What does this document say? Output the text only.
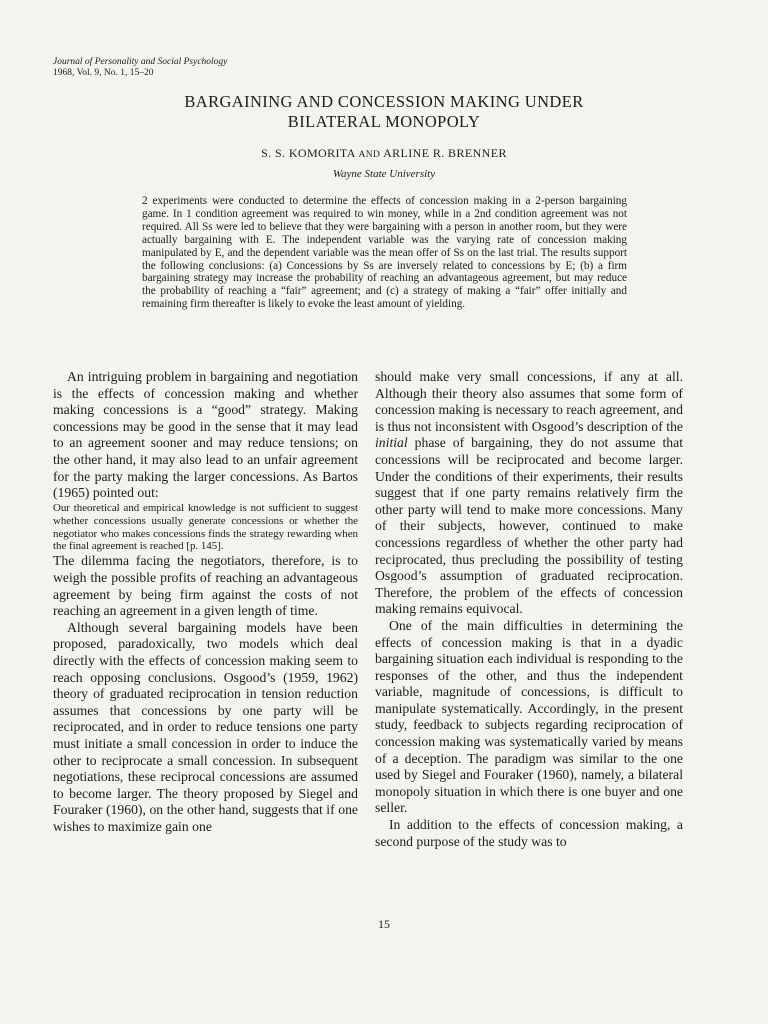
Journal of Personality and Social Psychology
1968, Vol. 9, No. 1, 15–20
BARGAINING AND CONCESSION MAKING UNDER
BILATERAL MONOPOLY
S. S. KOMORITA AND ARLINE R. BRENNER
Wayne State University
2 experiments were conducted to determine the effects of concession making in a 2-person bargaining game. In 1 condition agreement was required to win money, while in a 2nd condition agreement was not required. All Ss were led to believe that they were bargaining with a person in another room, but they were actually bargaining with E. The independent variable was the varying rate of concession making manipulated by E, and the dependent variable was the mean offer of Ss on the last trial. The results support the following conclusions: (a) Concessions by Ss are inversely related to concessions by E; (b) a firm bargaining strategy may increase the probability of reaching an advantageous agreement, but may reduce the probability of reaching a “fair” agreement; and (c) a strategy of making a “fair” offer initially and remaining firm thereafter is likely to evoke the least amount of yielding.

An intriguing problem in bargaining and negotiation is the effects of concession making and whether making concessions is a “good” strategy. Making concessions may be good in the sense that it may lead to an agreement sooner and may reduce tensions; on the other hand, it may also lead to an unfair agreement for the party making the larger concessions. As Bartos (1965) pointed out:

Our theoretical and empirical knowledge is not sufficient to suggest whether concessions usually generate concessions or whether the negotiator who makes concessions finds the strategy rewarding when the final agreement is reached [p. 145].

The dilemma facing the negotiators, therefore, is to weigh the possible profits of reaching an advantageous agreement by being firm against the costs of not reaching an agreement in a given length of time.

Although several bargaining models have been proposed, paradoxically, two models which deal directly with the effects of concession making seem to reach opposing conclusions. Osgood’s (1959, 1962) theory of graduated reciprocation in tension reduction assumes that concessions by one party will be reciprocated, and in order to reduce tensions one party must initiate a small concession in order to induce the other to reciprocate a small concession. In subsequent negotiations, these reciprocal concessions are assumed to become larger. The theory proposed by Siegel and Fouraker (1960), on the other hand, suggests that if one wishes to maximize gain one

should make very small concessions, if any at all. Although their theory also assumes that some form of concession making is necessary to reach agreement, and is thus not inconsistent with Osgood’s description of the initial phase of bargaining, they do not assume that concessions will be reciprocated and become larger. Under the conditions of their experiments, their results suggest that if one party remains relatively firm the other party will tend to make more concessions. Many of their subjects, however, continued to make concessions regardless of whether the other party had reciprocated, thus precluding the possibility of testing Osgood’s assumption of graduated reciprocation. Therefore, the problem of the effects of concession making remains equivocal.

One of the main difficulties in determining the effects of concession making is that in a dyadic bargaining situation each individual is responding to the responses of the other, and thus the independent variable, magnitude of concessions, is difficult to manipulate systematically. Accordingly, in the present study, feedback to subjects regarding reciprocation of concession making was systematically varied by means of a deception. The paradigm was similar to the one used by Siegel and Fouraker (1960), namely, a bilateral monopoly situation in which there is one buyer and one seller.

In addition to the effects of concession making, a second purpose of the study was to

15
